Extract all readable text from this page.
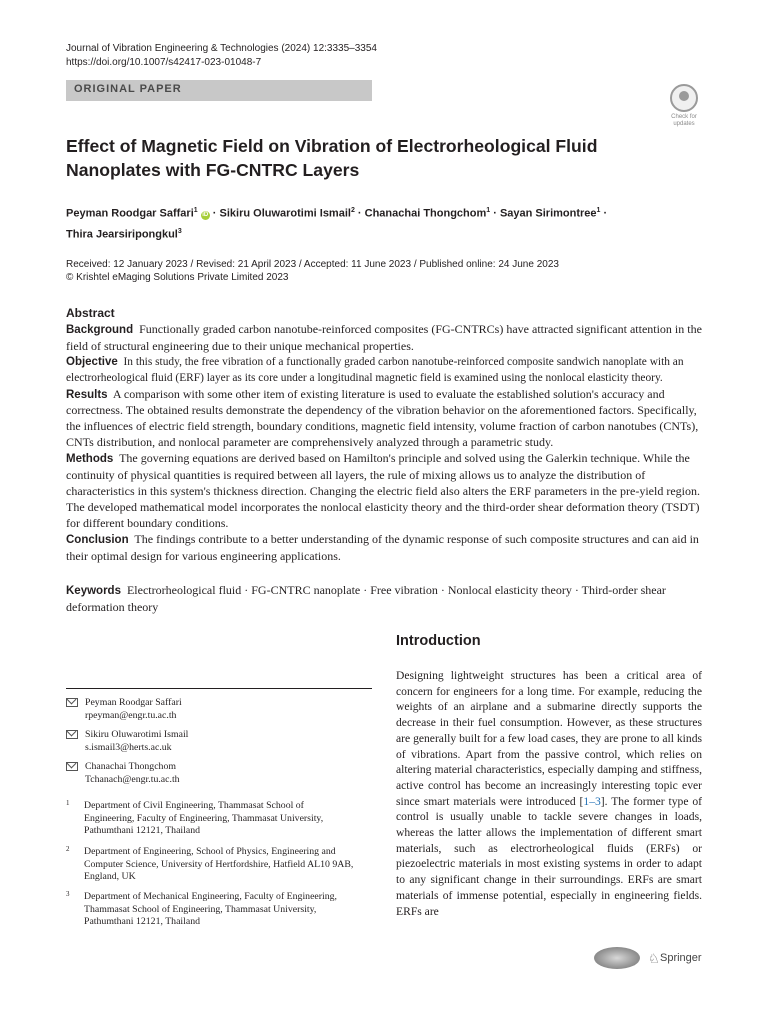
Journal of Vibration Engineering & Technologies (2024) 12:3335–3354
https://doi.org/10.1007/s42417-023-01048-7
ORIGINAL PAPER
Check for
updates
Effect of Magnetic Field on Vibration of Electrorheological Fluid
Nanoplates with FG-CNTRC Layers
Peyman Roodgar Saffari$^1$ iD · Sikiru Oluwarotimi Ismail$^2$ · Chanachai Thongchom$^1$ · Sayan Sirimontree$^1$ ·
Thira Jearsiripongkul$^3$
Received: 12 January 2023 / Revised: 21 April 2023 / Accepted: 11 June 2023 / Published online: 24 June 2023
© Krishtel eMaging Solutions Private Limited 2023
Abstract

Background Functionally graded carbon nanotube-reinforced composites (FG-CNTRCs) have attracted significant attention in the field of structural engineering due to their unique mechanical properties.

Objective In this study, the free vibration of a functionally graded carbon nanotube-reinforced composite sandwich nanoplate with an electrorheological fluid (ERF) layer as its core under a longitudinal magnetic field is examined using the nonlocal elasticity theory.

Results A comparison with some other item of existing literature is used to evaluate the established solution's accuracy and correctness. The obtained results demonstrate the dependency of the vibration behavior on the aforementioned factors. Specifically, the influences of electric field strength, boundary conditions, magnetic field intensity, volume fraction of carbon nanotubes (CNTs), CNTs distribution, and nonlocal parameter are comprehensively analyzed through a parametric study.

Methods The governing equations are derived based on Hamilton's principle and solved using the Galerkin technique. While the continuity of physical quantities is required between all layers, the rule of mixing allows us to analyze the distribution of characteristics in this system's thickness direction. Changing the electric field also alters the ERF parameters in the pre-yield region. The developed mathematical model incorporates the nonlocal elasticity theory and the third-order shear deformation theory (TSDT) for different boundary conditions.

Conclusion The findings contribute to a better understanding of the dynamic response of such composite structures and can aid in their optimal design for various engineering applications.

Keywords Electrorheological fluid · FG-CNTRC nanoplate · Free vibration · Nonlocal elasticity theory · Third-order shear deformation theory
Introduction
Designing lightweight structures has been a critical area of concern for engineers for a long time. For example, reducing the weights of an airplane and a submarine directly supports the decrease in their fuel consumption. However, as these structures are generally built for a few load cases, they are prone to all kinds of vibrations. Apart from the passive control, which relies on altering material characteristics, especially damping and stiffness, active control has become an increasingly interesting topic ever since smart materials were introduced [1–3]. The former type of control is usually unable to tackle severe changes in loads, whereas the latter allows the implementation of different smart materials, such as electrorheological fluids (ERFs) or piezoelectric materials in most existing systems in order to adapt to any significant change in their surroundings. ERFs are smart materials of immense potential, especially in engineering fields. ERFs are
Peyman Roodgar Saffari
rpeyman@engr.tu.ac.th
Sikiru Oluwarotimi Ismail
s.ismail3@herts.ac.uk
Chanachai Thongchom
Tchanach@engr.tu.ac.th
1 Department of Civil Engineering, Thammasat School of Engineering, Faculty of Engineering, Thammasat University, Pathumthani 12121, Thailand
2 Department of Engineering, School of Physics, Engineering and Computer Science, University of Hertfordshire, Hatfield AL10 9AB, England, UK
3 Department of Mechanical Engineering, Faculty of Engineering, Thammasat School of Engineering, Thammasat University, Pathumthani 12121, Thailand
♘ Springer
